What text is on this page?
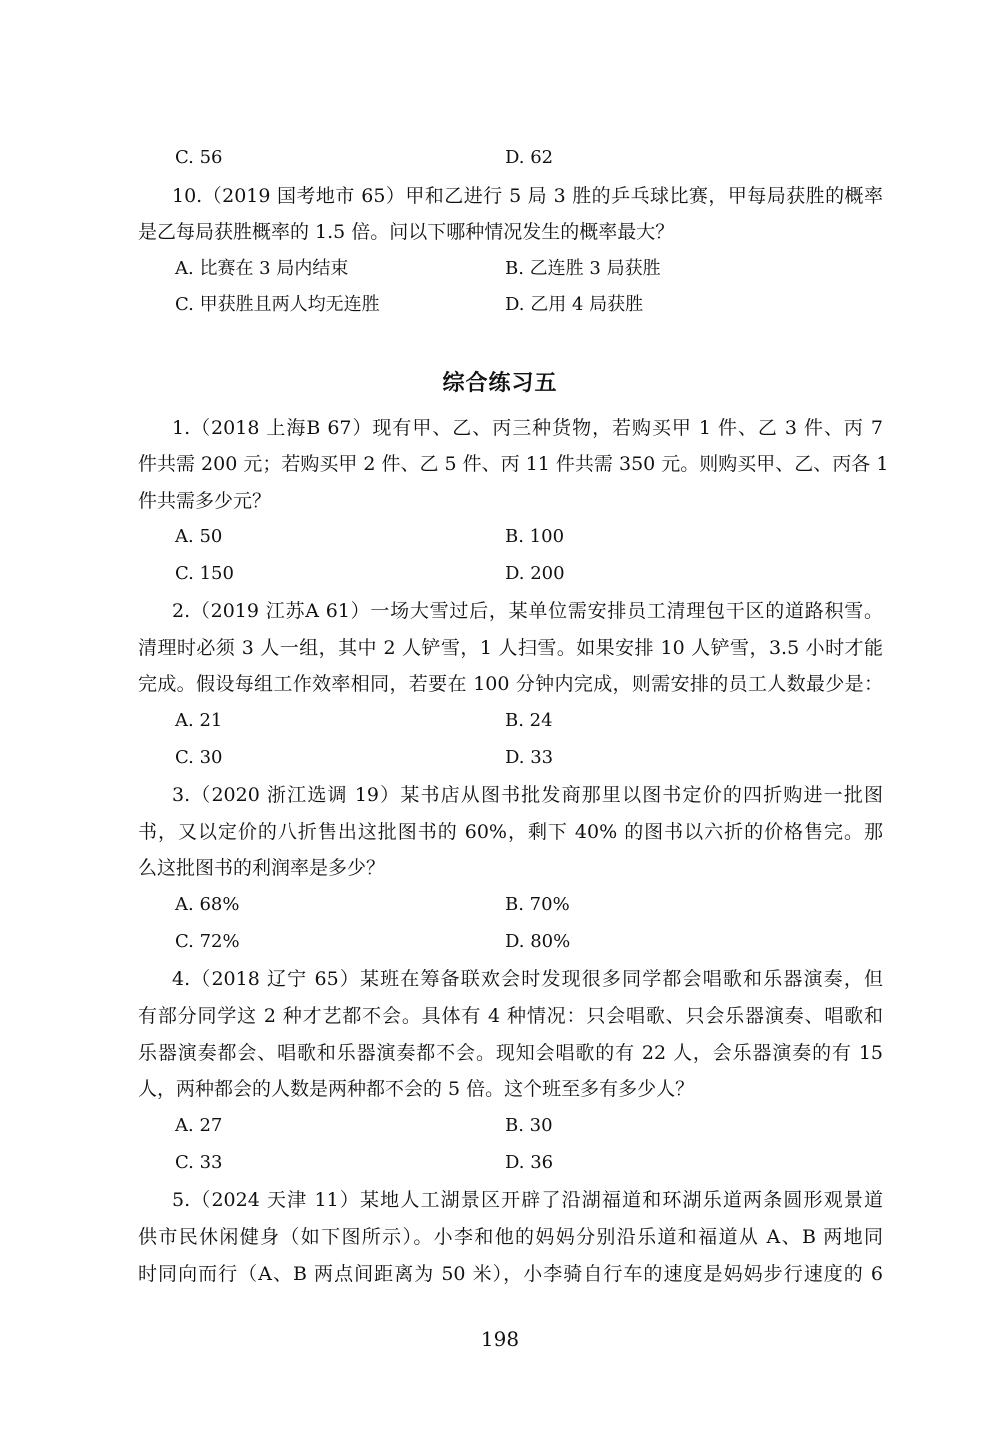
C. 56	D. 62
10.（2019 国考地市 65）甲和乙进行 5 局 3 胜的乒乓球比赛，甲每局获胜的概率
是乙每局获胜概率的 1.5 倍。问以下哪种情况发生的概率最大？
A. 比赛在 3 局内结束	B. 乙连胜 3 局获胜
C. 甲获胜且两人均无连胜	D. 乙用 4 局获胜
综合练习五
1.（2018 上海B 67）现有甲、乙、丙三种货物，若购买甲 1 件、乙 3 件、丙 7
件共需 200 元；若购买甲 2 件、乙 5 件、丙 11 件共需 350 元。则购买甲、乙、丙各 1
件共需多少元？
A. 50	B. 100
C. 150	D. 200
2.（2019 江苏A 61）一场大雪过后，某单位需安排员工清理包干区的道路积雪。
清理时必须 3 人一组，其中 2 人铲雪，1 人扫雪。如果安排 10 人铲雪，3.5 小时才能
完成。假设每组工作效率相同，若要在 100 分钟内完成，则需安排的员工人数最少是：
A. 21	B. 24
C. 30	D. 33
3.（2020 浙江选调 19）某书店从图书批发商那里以图书定价的四折购进一批图
书，又以定价的八折售出这批图书的 60%，剩下 40% 的图书以六折的价格售完。那
么这批图书的利润率是多少？
A. 68%	B. 70%
C. 72%	D. 80%
4.（2018 辽宁 65）某班在筹备联欢会时发现很多同学都会唱歌和乐器演奏，但
有部分同学这 2 种才艺都不会。具体有 4 种情况：只会唱歌、只会乐器演奏、唱歌和
乐器演奏都会、唱歌和乐器演奏都不会。现知会唱歌的有 22 人，会乐器演奏的有 15
人，两种都会的人数是两种都不会的 5 倍。这个班至多有多少人？
A. 27	B. 30
C. 33	D. 36
5.（2024 天津 11）某地人工湖景区开辟了沿湖福道和环湖乐道两条圆形观景道
供市民休闲健身（如下图所示）。小李和他的妈妈分别沿乐道和福道从 A、B 两地同
时同向而行（A、B 两点间距离为 50 米），小李骑自行车的速度是妈妈步行速度的 6
198
